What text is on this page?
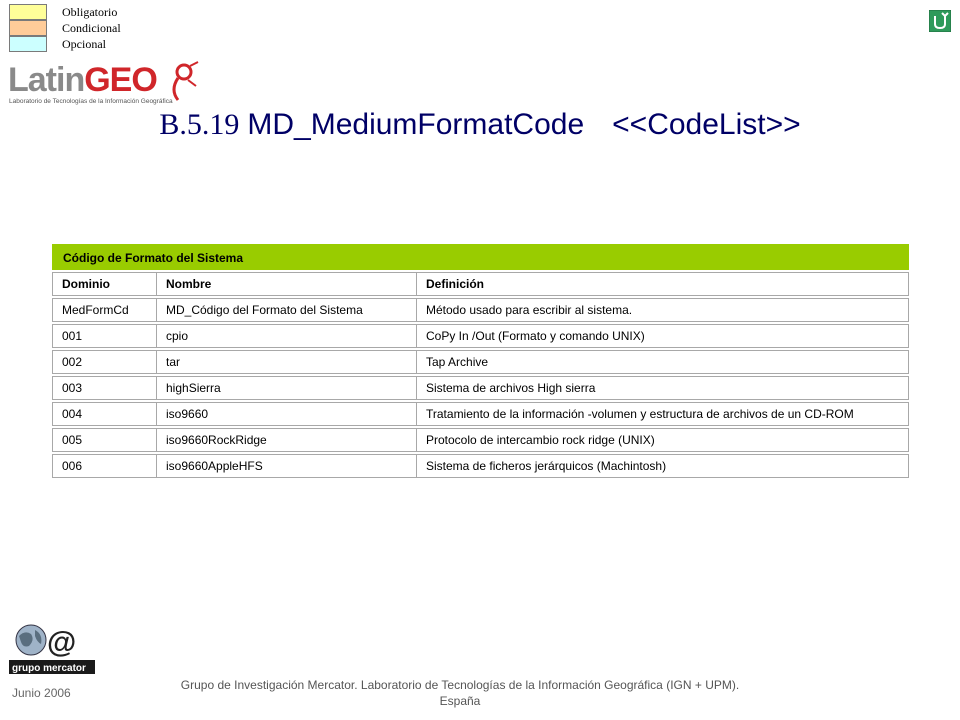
Obligatorio
Condicional
Opcional
LatinGEO
Laboratorio de Tecnologías de la Información Geográfica
B.5.19 MD_MediumFormatCode <<CodeList>>
Código de Formato del Sistema
Dominio	Nombre	Definición
MedFormCd	MD_Código del Formato del Sistema	Método usado para escribir al sistema.
001	cpio	CoPy In /Out (Formato y comando UNIX)
002	tar	Tap Archive
003	highSierra	Sistema de archivos High sierra
004	iso9660	Tratamiento de la información -volumen y estructura de archivos de un CD-ROM
005	iso9660RockRidge	Protocolo de intercambio rock ridge (UNIX)
006	iso9660AppleHFS	Sistema de ficheros jerárquicos (Machintosh)
@
grupo mercator
Junio 2006
Grupo de Investigación Mercator. Laboratorio de Tecnologías de la Información Geográfica (IGN + UPM).
España
